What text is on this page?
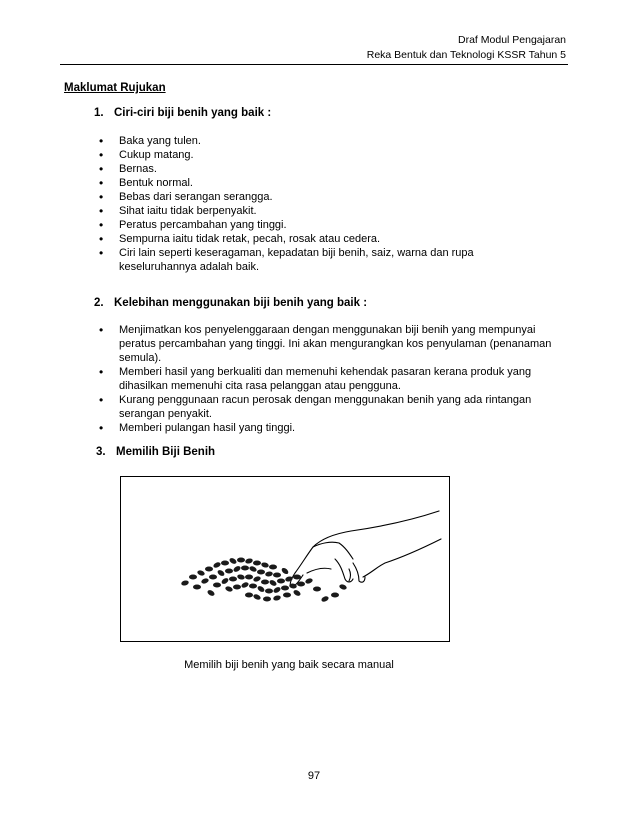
Draf Modul Pengajaran
Reka Bentuk dan Teknologi KSSR Tahun 5
Maklumat Rujukan
1. Ciri-ciri biji benih yang baik :
• Baka yang tulen.
• Cukup matang.
• Bernas.
• Bentuk normal.
• Bebas dari serangan serangga.
• Sihat iaitu tidak berpenyakit.
• Peratus percambahan yang tinggi.
• Sempurna iaitu tidak retak, pecah, rosak atau cedera.
• Ciri lain seperti keseragaman, kepadatan biji benih, saiz, warna dan rupa keseluruhannya adalah baik.
2. Kelebihan menggunakan biji benih yang baik :
• Menjimatkan kos penyelenggaraan dengan menggunakan biji benih yang mempunyai peratus percambahan yang tinggi. Ini akan mengurangkan kos penyulaman (penanaman semula).
• Memberi hasil yang berkualiti dan memenuhi kehendak pasaran kerana produk yang dihasilkan memenuhi cita rasa pelanggan atau pengguna.
• Kurang penggunaan racun perosak dengan menggunakan benih yang ada rintangan serangan penyakit.
• Memberi pulangan hasil yang tinggi.
3. Memilih Biji Benih
Memilih biji benih yang baik secara manual
97
